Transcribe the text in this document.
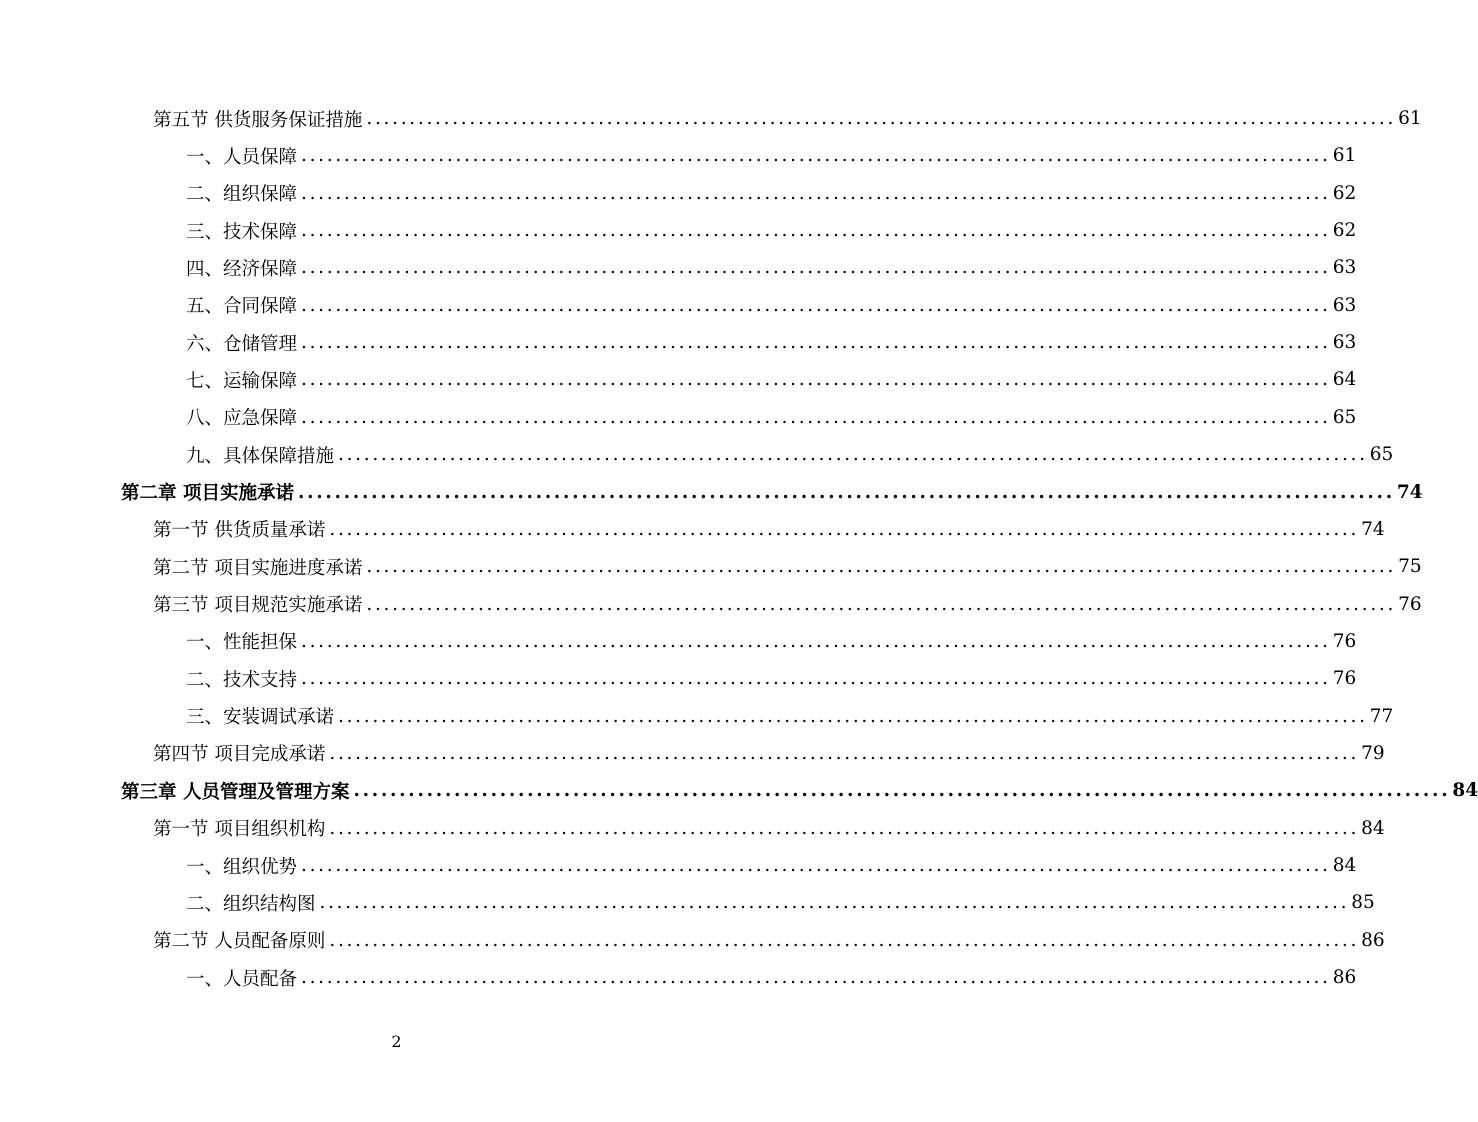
第五节 供货服务保证措施 ........................................................................................................................ 61
一、人员保障 ........................................................................................................................ 61
二、组织保障 ........................................................................................................................ 62
三、技术保障 ........................................................................................................................ 62
四、经济保障 ........................................................................................................................ 63
五、合同保障 ........................................................................................................................ 63
六、仓储管理 ........................................................................................................................ 63
七、运输保障 ........................................................................................................................ 64
八、应急保障 ........................................................................................................................ 65
九、具体保障措施 ........................................................................................................................ 65
第二章 项目实施承诺 ........................................................................................................................ 74
第一节 供货质量承诺 ........................................................................................................................ 74
第二节 项目实施进度承诺 ........................................................................................................................ 75
第三节 项目规范实施承诺 ........................................................................................................................ 76
一、性能担保 ........................................................................................................................ 76
二、技术支持 ........................................................................................................................ 76
三、安装调试承诺 ........................................................................................................................ 77
第四节 项目完成承诺 ........................................................................................................................ 79
第三章 人员管理及管理方案 ........................................................................................................................ 84
第一节 项目组织机构 ........................................................................................................................ 84
一、组织优势 ........................................................................................................................ 84
二、组织结构图 ........................................................................................................................ 85
第二节 人员配备原则 ........................................................................................................................ 86
一、人员配备 ........................................................................................................................ 86
2
